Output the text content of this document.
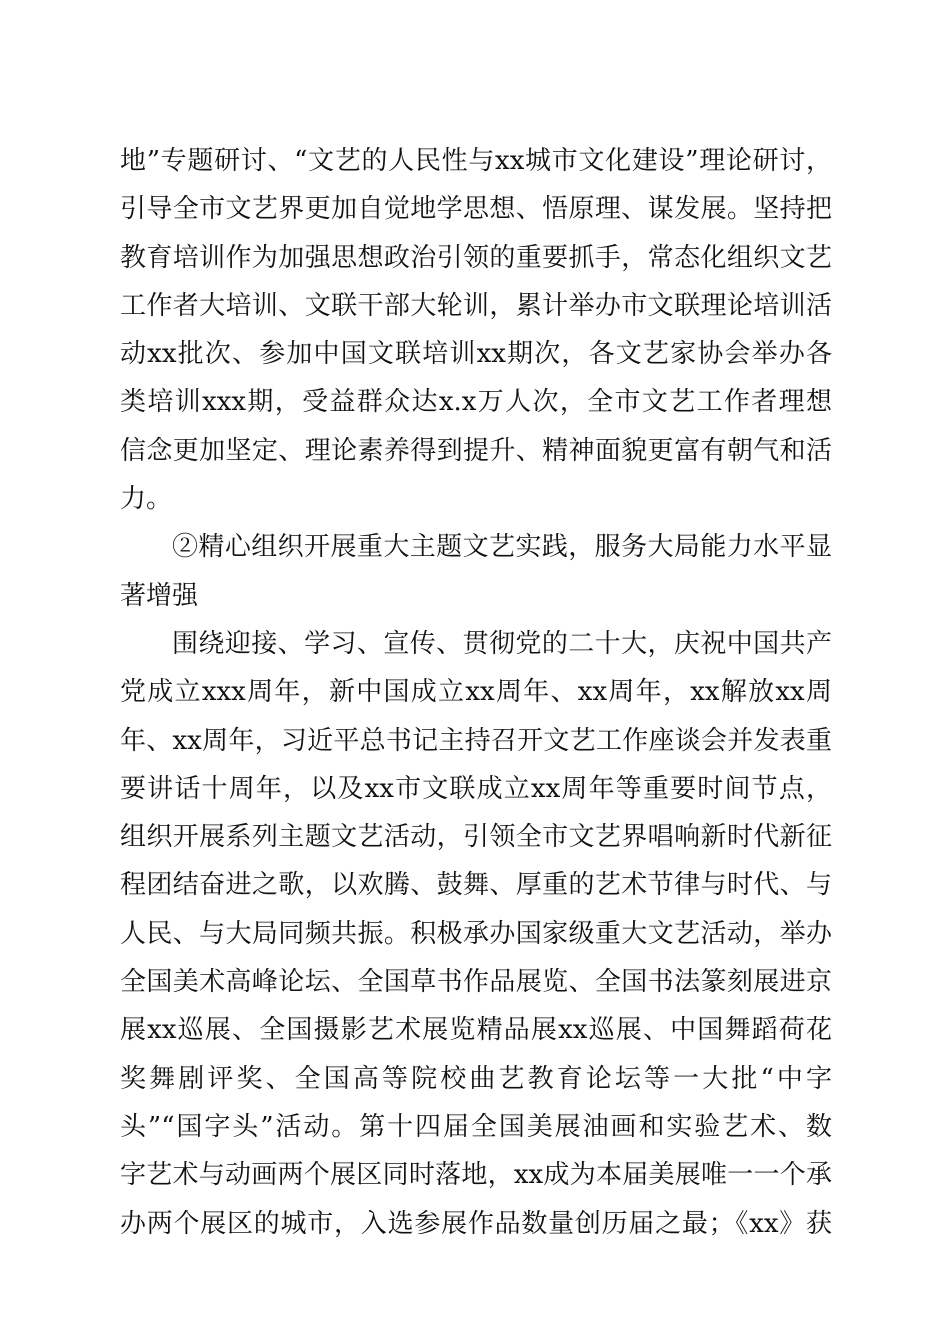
地”专题研讨、“文艺的人民性与xx城市文化建设”理论研讨，
引导全市文艺界更加自觉地学思想、悟原理、谋发展。坚持把
教育培训作为加强思想政治引领的重要抓手，常态化组织文艺
工作者大培训、文联干部大轮训，累计举办市文联理论培训活
动xx批次、参加中国文联培训xx期次，各文艺家协会举办各
类培训xxx期，受益群众达x.x万人次，全市文艺工作者理想
信念更加坚定、理论素养得到提升、精神面貌更富有朝气和活
力。
②精心组织开展重大主题文艺实践，服务大局能力水平显
著增强
围绕迎接、学习、宣传、贯彻党的二十大，庆祝中国共产
党成立xxx周年，新中国成立xx周年、xx周年，xx解放xx周
年、xx周年，习近平总书记主持召开文艺工作座谈会并发表重
要讲话十周年，以及xx市文联成立xx周年等重要时间节点，
组织开展系列主题文艺活动，引领全市文艺界唱响新时代新征
程团结奋进之歌，以欢腾、鼓舞、厚重的艺术节律与时代、与
人民、与大局同频共振。积极承办国家级重大文艺活动，举办
全国美术高峰论坛、全国草书作品展览、全国书法篆刻展进京
展xx巡展、全国摄影艺术展览精品展xx巡展、中国舞蹈荷花
奖舞剧评奖、全国高等院校曲艺教育论坛等一大批“中字
头”“国字头”活动。第十四届全国美展油画和实验艺术、数
字艺术与动画两个展区同时落地，xx成为本届美展唯一一个承
办两个展区的城市，入选参展作品数量创历届之最；《xx》获
